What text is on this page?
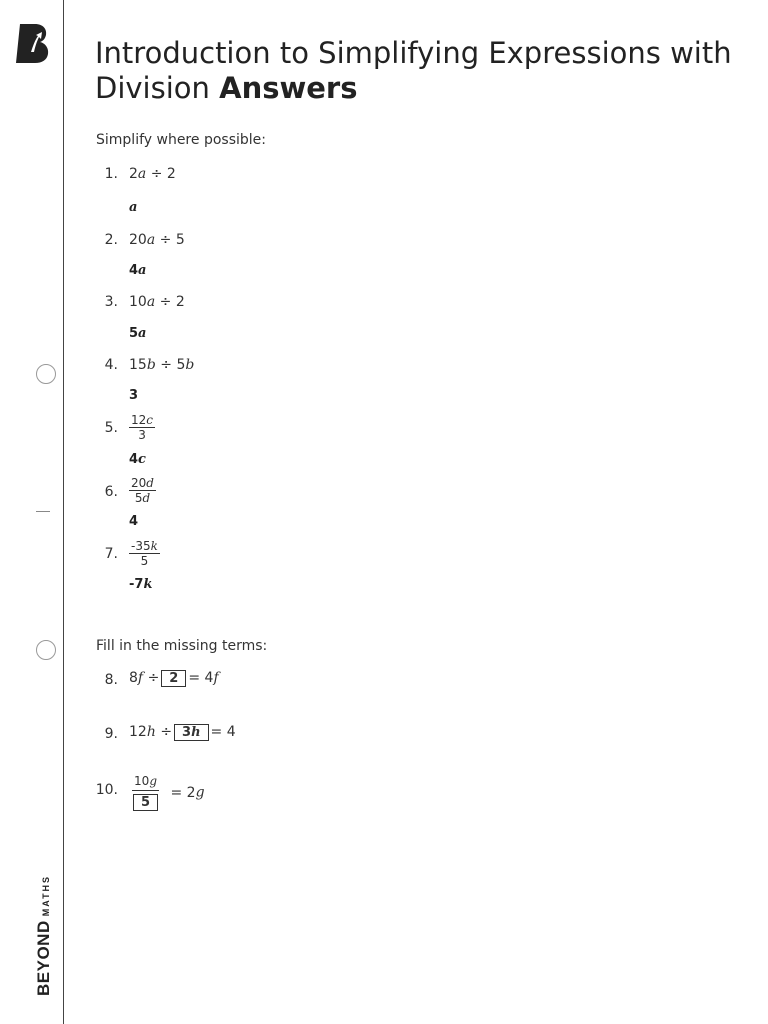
BEYONDMATHS
Introduction to Simplifying Expressions with Division Answers
Simplify where possible:
1. 2a ÷ 2
a
2. 20a ÷ 5
4a
3. 10a ÷ 2
5a
4. 15b ÷ 5b
3
5. $\frac{12c}{3}$
4c
6. $\frac{20d}{5d}$
4
7. $\frac{-35k}{5}$
-7k
Fill in the missing terms:
8. 8f ÷ 2 = 4f
9. 12h ÷ 3h = 4
10. $\frac{10g}{5} = 2g$
